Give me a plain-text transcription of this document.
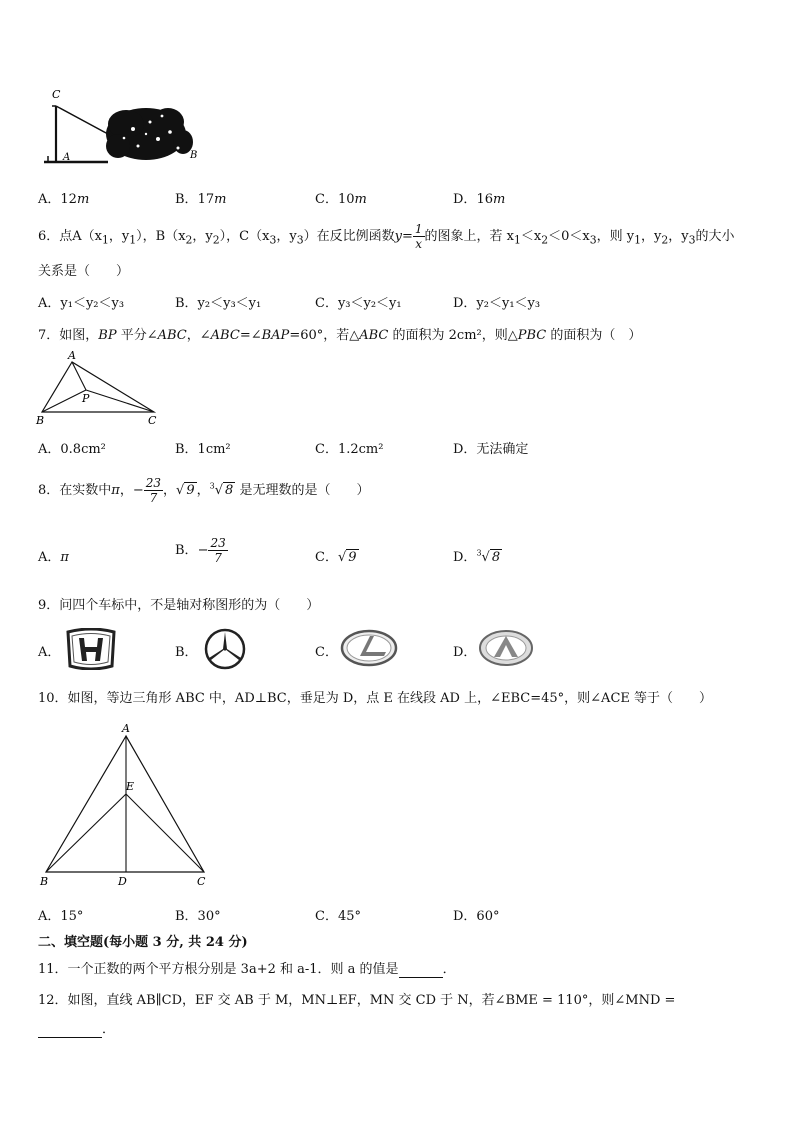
C
A	B
A．12m	B．17m	C．10m	D．16m
6．点$A(x_1$，$y_1$），$B(x_2$，$y_2$），$C(x_3$，$y_3$）在反比例函数$y= \frac{1}{x}$ 的图象上，若 $x_1<x_2<0<x_3$，则 $y_1$，$y_2$，$y_3$的大小
关系是（　　）
A．y₁＜y₂＜y₃	B．y₂＜y₃＜y₁	C．y₃＜y₂＜y₁	D．y₂＜y₁＜y₃
7．如图，BP 平分∠ABC，∠ABC=∠BAP=60°，若△ABC 的面积为 2cm²，则△PBC 的面积为（　）
A
B	C
P
A．0.8cm²	B．1cm²	C．1.2cm²	D．无法确定
8．在实数中π，− $\frac{23}{7}$ ，√ 9 ，$^3$√ 8 是无理数的是（　　）
A．π	B．− $\frac{23}{7}$	C．√ 9	D．$^3$√ 8
9．问四个车标中，不是轴对称图形的为（　　）
A．	B．	C．	D．
10．如图，等边三角形 ABC 中，AD⊥BC，垂足为 D，点 E 在线段 AD 上，∠EBC=45°，则∠ACE 等于（　　）
A
E
B	D	C
A．15°	B．30°	C．45°	D．60°
二、填空题(每小题 3 分, 共 24 分)
11．一个正数的两个平方根分别是 3a+2 和 a-1．则 a 的值是	．
12．如图，直线 AB∥CD，EF 交 AB 于 M，MN⊥EF，MN 交 CD 于 N，若∠BME = 110°，则∠MND =
．
